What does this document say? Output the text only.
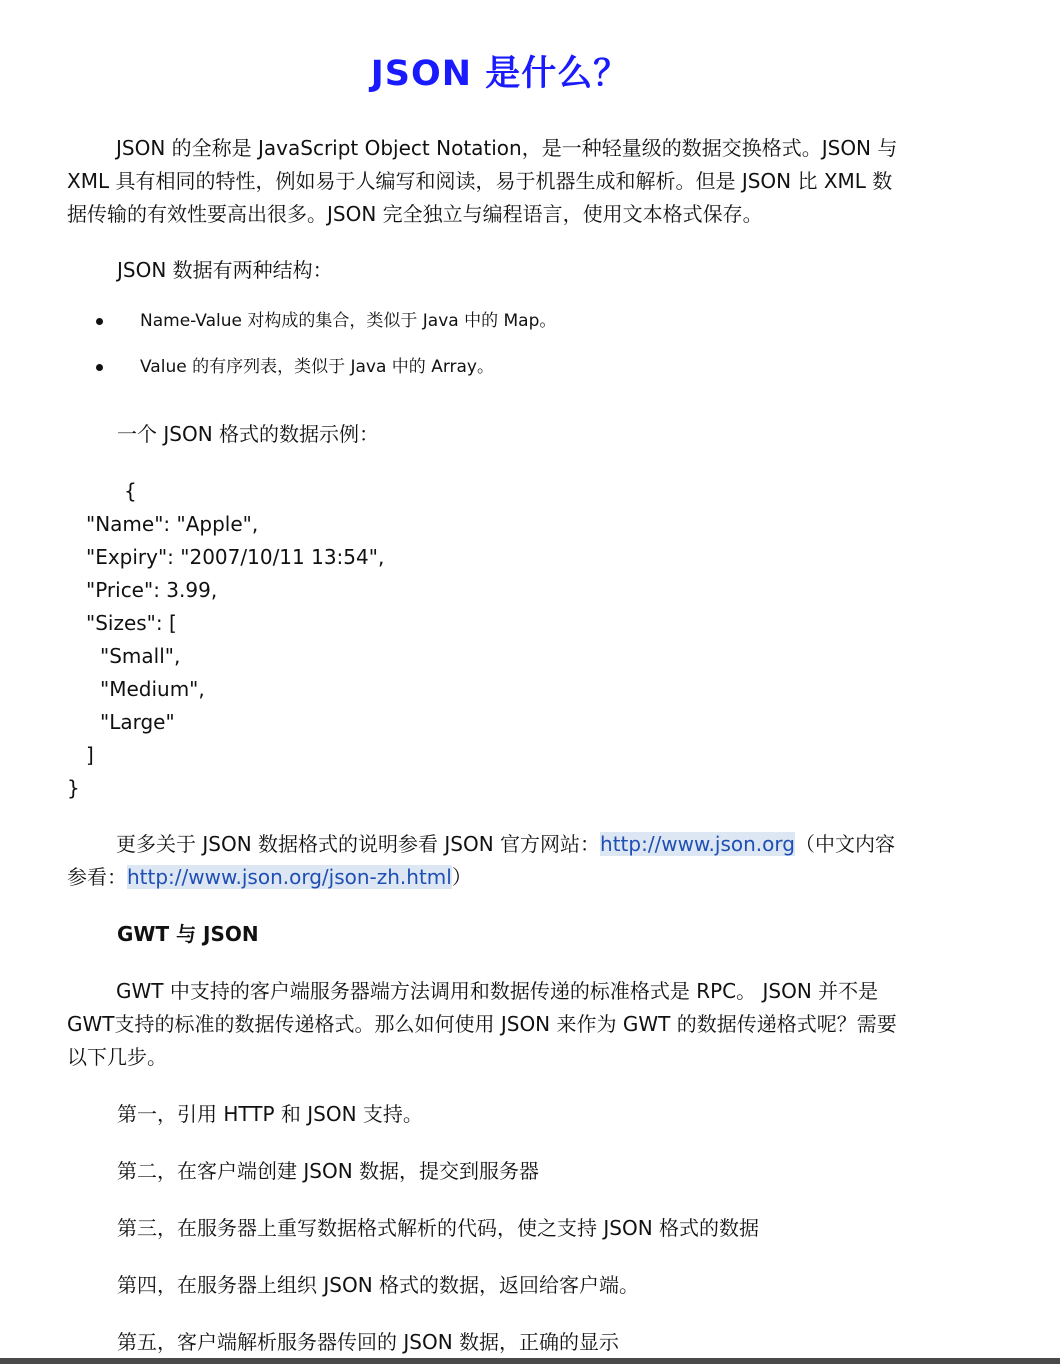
JSON 是什么？

JSON 的全称是 JavaScript Object Notation，是一种轻量级的数据交换格式。JSON 与 XML 具有相同的特性，例如易于人编写和阅读，易于机器生成和解析。但是 JSON 比 XML 数据传输的有效性要高出很多。JSON 完全独立与编程语言，使用文本格式保存。

JSON 数据有两种结构：
Name-Value 对构成的集合，类似于 Java 中的 Map。
Value 的有序列表，类似于 Java 中的 Array。
一个 JSON 格式的数据示例：
{
"Name": "Apple",
"Expiry": "2007/10/11 13:54",
"Price": 3.99,
"Sizes": [
"Small",
"Medium",
"Large"
]
}

更多关于 JSON 数据格式的说明参看 JSON 官方网站：http://www.json.org（中文内容参看：http://www.json.org/json-zh.html）

GWT 与 JSON

GWT 中支持的客户端服务器端方法调用和数据传递的标准格式是 RPC。 JSON 并不是 GWT支持的标准的数据传递格式。那么如何使用 JSON 来作为 GWT 的数据传递格式呢？需要以下几步。

第一，引用 HTTP 和 JSON 支持。
第二，在客户端创建 JSON 数据，提交到服务器
第三，在服务器上重写数据格式解析的代码，使之支持 JSON 格式的数据
第四，在服务器上组织 JSON 格式的数据，返回给客户端。
第五，客户端解析服务器传回的 JSON 数据，正确的显示
